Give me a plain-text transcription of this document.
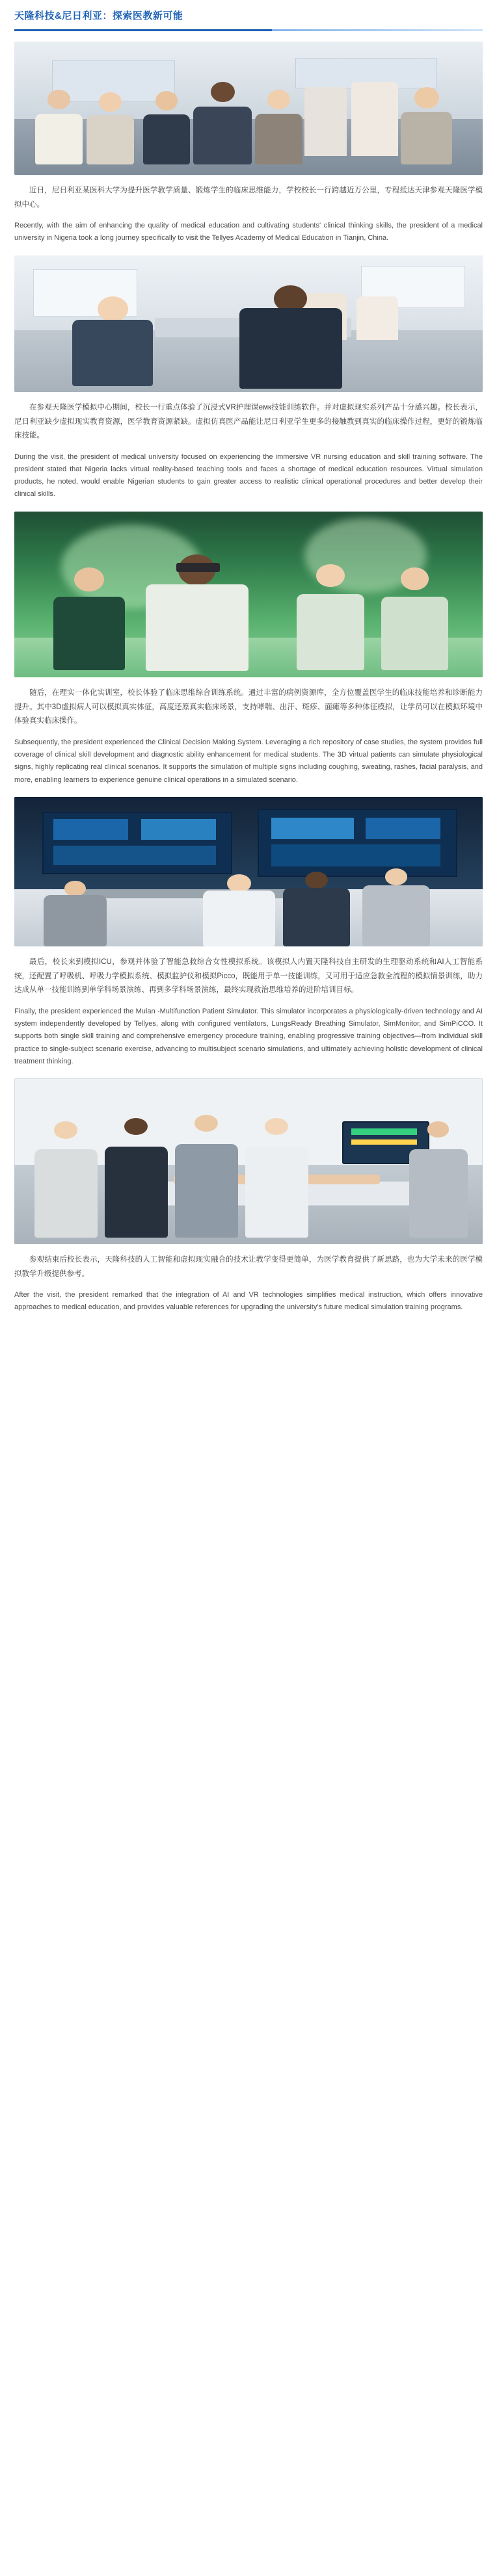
天隆科技&尼日利亚：探索医教新可能

近日，尼日利亚某医科大学为提升医学教学质量、锻炼学生的临床思维能力，学校校长一行跨越近万公里，专程抵达天津参观天隆医学模拟中心。

Recently, with the aim of enhancing the quality of medical education and cultivating students' clinical thinking skills, the president of a medical university in Nigeria took a long journey specifically to visit the Tellyes Academy of Medical Education in Tianjin, China.

在参观天隆医学模拟中心期间，校长一行重点体验了沉浸式VR护理课емк技能训练软件。并对虚拟现实系列产品十分感兴趣。校长表示，尼日利亚缺少虚拟现实教育资源，医学教育资源紧缺。虚拟仿真医产品能让尼日利亚学生更多的接触教到真实的临床操作过程，更好的锻炼临床技能。

During the visit, the president of medical university focused on experiencing the immersive VR nursing education and skill training software. The president stated that Nigeria lacks virtual reality-based teaching tools and faces a shortage of medical education resources. Virtual simulation products, he noted, would enable Nigerian students to gain greater access to realistic clinical operational procedures and better develop their clinical skills.

随后，在理实一体化实训室，校长体验了临床思维综合训练系统。通过丰富的病例资源库，全方位覆盖医学生的临床技能培养和诊断能力提升。其中3D虚拟病人可以模拟真实体征，高度还原真实临床场景，支持哮喘、出汗、斑疹、面瘫等多种体征模拟，让学员可以在模拟环境中体验真实临床操作。

Subsequently, the president experienced the Clinical Decision Making System. Leveraging a rich repository of case studies, the system provides full coverage of clinical skill development and diagnostic ability enhancement for medical students. The 3D virtual patients can simulate physiological signs, highly replicating real clinical scenarios. It supports the simulation of multiple signs including coughing, sweating, rashes, facial paralysis, and more, enabling learners to experience genuine clinical operations in a simulated scenario.

最后，校长来到模拟ICU，参观并体验了智能急救综合女性模拟系统。该模拟人内置天隆科技自主研发的生理驱动系统和AI人工智能系统，还配置了呼吸机、呼吸力学模拟系统、模拟监护仪和模拟Picco，既能用于单一技能训练，又可用于适应急救全流程的模拟情景训练，助力达成从单一技能训练到单学科场景演练、再到多学科场景演练，最终实现救治思维培养的进阶培训目标。

Finally, the president experienced the Mulan -Multifunction Patient Simulator. This simulator incorporates a physiologically-driven technology and AI system independently developed by Tellyes, along with configured ventilators, LungsReady Breathing Simulator, SimMonitor, and SimPiCCO. It supports both single skill training and comprehensive emergency procedure training, enabling progressive training objectives—from individual skill practice to single-subject scenario exercise, advancing to multisubject scenario simulations, and ultimately achieving holistic development of clinical treatment thinking.

参观结束后校长表示，天隆科技的人工智能和虚拟现实融合的技术让教学变得更简单，为医学教育提供了新思路，也为大学未来的医学模拟教学升级提供参考。

After the visit, the president remarked that the integration of AI and VR technologies simplifies medical instruction, which offers innovative approaches to medical education, and provides valuable references for upgrading the university's future medical simulation training programs.
